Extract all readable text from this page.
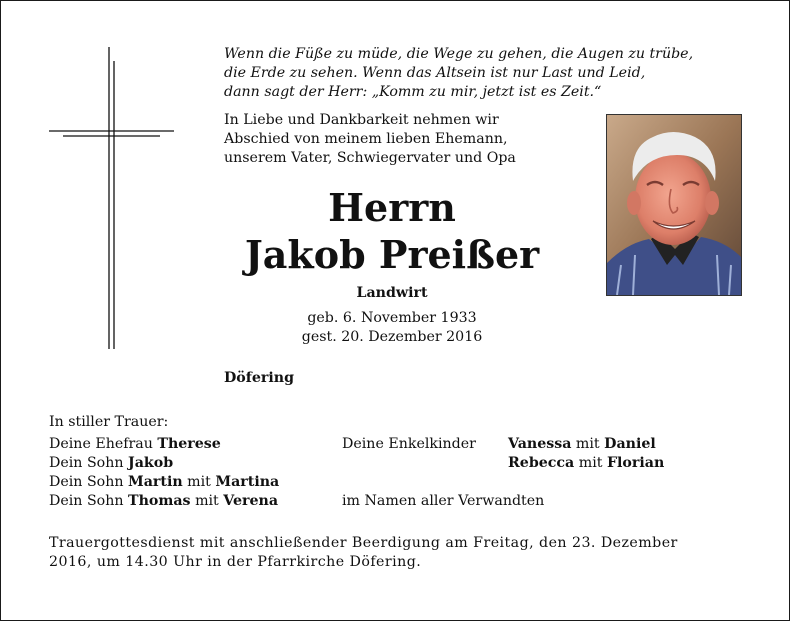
Wenn die Füße zu müde, die Wege zu gehen, die Augen zu trübe,
die Erde zu sehen. Wenn das Altsein ist nur Last und Leid,
dann sagt der Herr: „Komm zu mir, jetzt ist es Zeit.“
In Liebe und Dankbarkeit nehmen wir
Abschied von meinem lieben Ehemann,
unserem Vater, Schwiegervater und Opa
Herrn
Jakob Preißer
Landwirt
geb. 6. November 1933
gest. 20. Dezember 2016
Döfering
In stiller Trauer:
Deine Ehefrau Therese
Dein Sohn Jakob
Dein Sohn Martin mit Martina
Dein Sohn Thomas mit Verena
Deine Enkelkinder Vanessa mit Daniel
Rebecca mit Florian
im Namen aller Verwandten
Trauergottesdienst mit anschließender Beerdigung am Freitag, den 23. Dezember
2016, um 14.30 Uhr in der Pfarrkirche Döfering.
